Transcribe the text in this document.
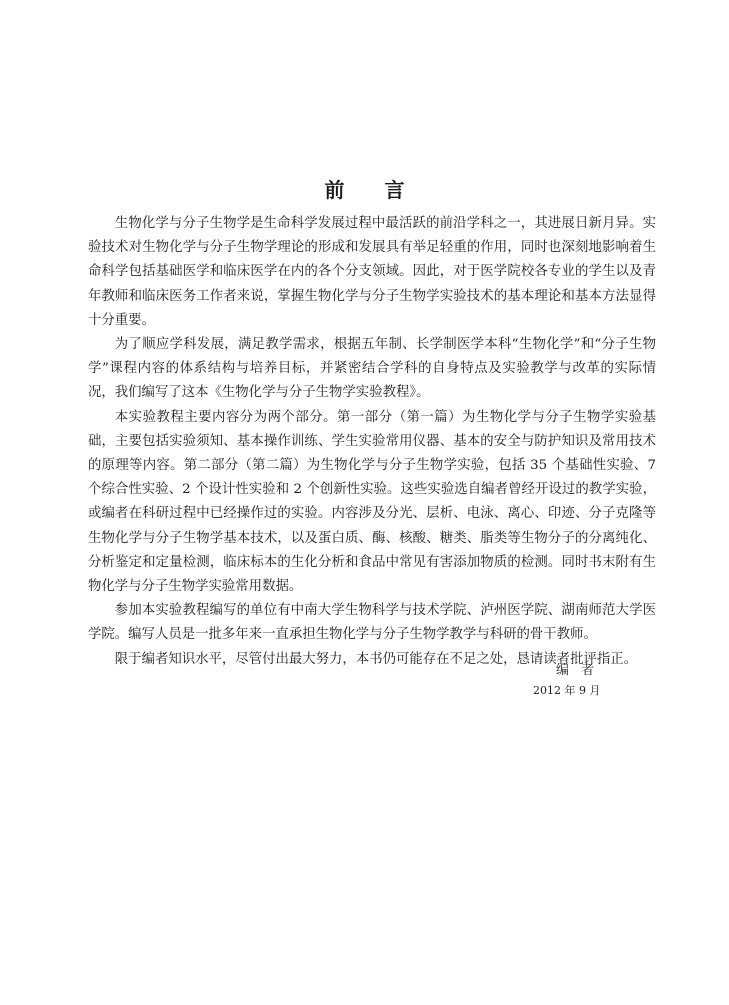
前 言

生物化学与分子生物学是生命科学发展过程中最活跃的前沿学科之一，其进展日新月异。实验技术对生物化学与分子生物学理论的形成和发展具有举足轻重的作用，同时也深刻地影响着生命科学包括基础医学和临床医学在内的各个分支领域。因此，对于医学院校各专业的学生以及青年教师和临床医务工作者来说，掌握生物化学与分子生物学实验技术的基本理论和基本方法显得十分重要。

为了顺应学科发展，满足教学需求，根据五年制、长学制医学本科“生物化学”和“分子生物学”课程内容的体系结构与培养目标，并紧密结合学科的自身特点及实验教学与改革的实际情况，我们编写了这本《生物化学与分子生物学实验教程》。

本实验教程主要内容分为两个部分。第一部分（第一篇）为生物化学与分子生物学实验基础，主要包括实验须知、基本操作训练、学生实验常用仪器、基本的安全与防护知识及常用技术的原理等内容。第二部分（第二篇）为生物化学与分子生物学实验，包括 35 个基础性实验、7 个综合性实验、2 个设计性实验和 2 个创新性实验。这些实验选自编者曾经开设过的教学实验，或编者在科研过程中已经操作过的实验。内容涉及分光、层析、电泳、离心、印迹、分子克隆等生物化学与分子生物学基本技术，以及蛋白质、酶、核酸、糖类、脂类等生物分子的分离纯化、分析鉴定和定量检测，临床标本的生化分析和食品中常见有害添加物质的检测。同时书末附有生物化学与分子生物学实验常用数据。

参加本实验教程编写的单位有中南大学生物科学与技术学院、泸州医学院、湖南师范大学医学院。编写人员是一批多年来一直承担生物化学与分子生物学教学与科研的骨干教师。

限于编者知识水平，尽管付出最大努力，本书仍可能存在不足之处，恳请读者批评指正。

编者
2012 年 9 月
